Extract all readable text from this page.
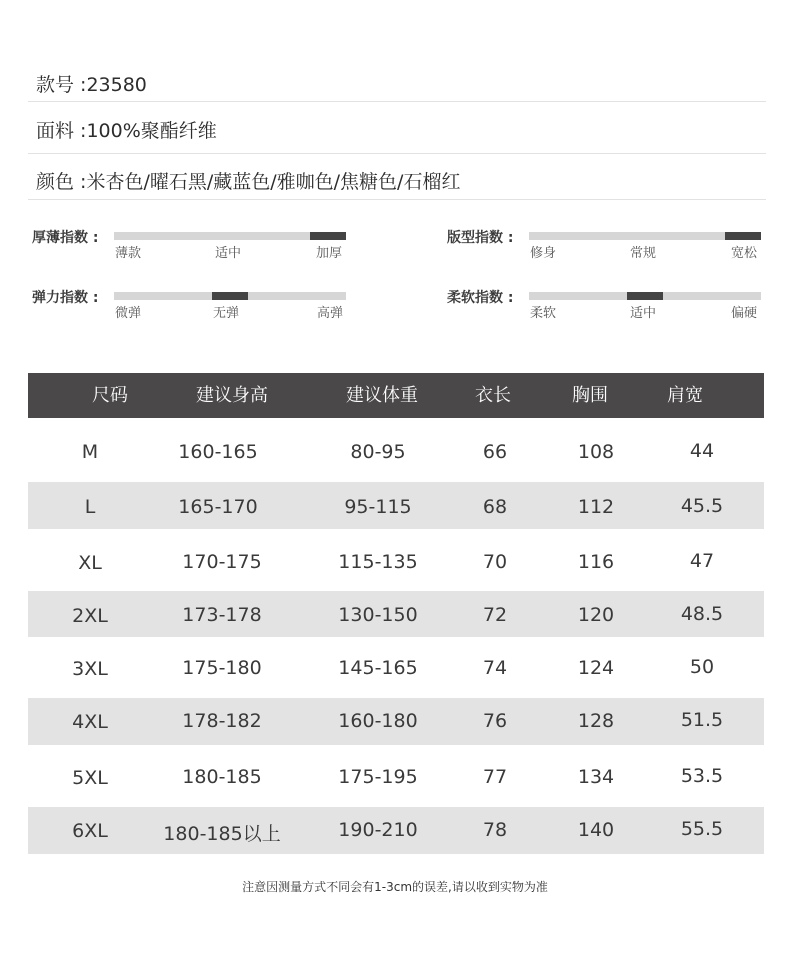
款号 :23580
面料 :100%聚酯纤维
颜色 :米杏色/曜石黑/藏蓝色/雅咖色/焦糖色/石榴红
厚薄指数 :
薄款	适中	加厚
版型指数 :
修身	常规	宽松
弹力指数 :
微弹	无弹	高弹
柔软指数 :
柔软	适中	偏硬
尺码	建议身高	建议体重	衣长	胸围	肩宽
M	160-165	80-95	66	108	44
L	165-170	95-115	68	112	45.5
XL	170-175	115-135	70	116	47
2XL	173-178	130-150	72	120	48.5
3XL	175-180	145-165	74	124	50
4XL	178-182	160-180	76	128	51.5
5XL	180-185	175-195	77	134	53.5
6XL	180-185以上	190-210	78	140	55.5
注意因测量方式不同会有1-3cm的误差,请以收到实物为准
